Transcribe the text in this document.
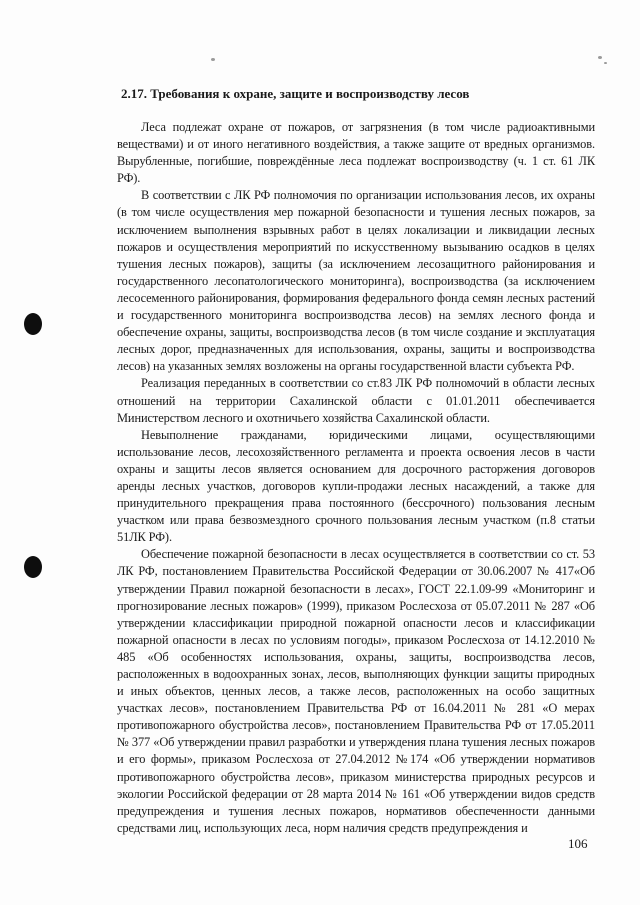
2.17. Требования к охране, защите и воспроизводству лесов

Леса подлежат охране от пожаров, от загрязнения (в том числе радиоактивными веществами) и от иного негативного воздействия, а также защите от вредных организмов. Вырубленные, погибшие, повреждённые леса подлежат воспроизводству (ч. 1 ст. 61 ЛК РФ).

В соответствии с ЛК РФ полномочия по организации использования лесов, их охраны (в том числе осуществления мер пожарной безопасности и тушения лесных пожаров, за исключением выполнения взрывных работ в целях локализации и ликвидации лесных пожаров и осуществления мероприятий по искусственному вызыванию осадков в целях тушения лесных пожаров), защиты (за исключением лесозащитного районирования и государственного лесопатологического мониторинга), воспроизводства (за исключением лесосеменного районирования, формирования федерального фонда семян лесных растений и государственного мониторинга воспроизводства лесов) на землях лесного фонда и обеспечение охраны, защиты, воспроизводства лесов (в том числе создание и эксплуатация лесных дорог, предназначенных для использования, охраны, защиты и воспроизводства лесов) на указанных землях возложены на органы государственной власти субъекта РФ.

Реализация переданных в соответствии со ст.83 ЛК РФ полномочий в области лесных отношений на территории Сахалинской области с 01.01.2011 обеспечивается Министерством лесного и охотничьего хозяйства Сахалинской области.

Невыполнение гражданами, юридическими лицами, осуществляющими использование лесов, лесохозяйственного регламента и проекта освоения лесов в части охраны и защиты лесов является основанием для досрочного расторжения договоров аренды лесных участков, договоров купли-продажи лесных насаждений, а также для принудительного прекращения права постоянного (бессрочного) пользования лесным участком или права безвозмездного срочного пользования лесным участком (п.8 статьи 51ЛК РФ).

Обеспечение пожарной безопасности в лесах осуществляется в соответствии со ст. 53 ЛК РФ, постановлением Правительства Российской Федерации от 30.06.2007 № 417«Об утверждении Правил пожарной безопасности в лесах», ГОСТ 22.1.09-99 «Мониторинг и прогнозирование лесных пожаров» (1999), приказом Рослесхоза от 05.07.2011 № 287 «Об утверждении классификации природной пожарной опасности лесов и классификации пожарной опасности в лесах по условиям погоды», приказом Рослесхоза от 14.12.2010 № 485 «Об особенностях использования, охраны, защиты, воспроизводства лесов, расположенных в водоохранных зонах, лесов, выполняющих функции защиты природных и иных объектов, ценных лесов, а также лесов, расположенных на особо защитных участках лесов», постановлением Правительства РФ от 16.04.2011 № 281 «О мерах противопожарного обустройства лесов», постановлением Правительства РФ от 17.05.2011 № 377 «Об утверждении правил разработки и утверждения плана тушения лесных пожаров и его формы», приказом Рослесхоза от 27.04.2012 №174 «Об утверждении нормативов противопожарного обустройства лесов», приказом министерства природных ресурсов и экологии Российской федерации от 28 марта 2014 № 161 «Об утверждении видов средств предупреждения и тушения лесных пожаров, нормативов обеспеченности данными средствами лиц, использующих леса, норм наличия средств предупреждения и

106
